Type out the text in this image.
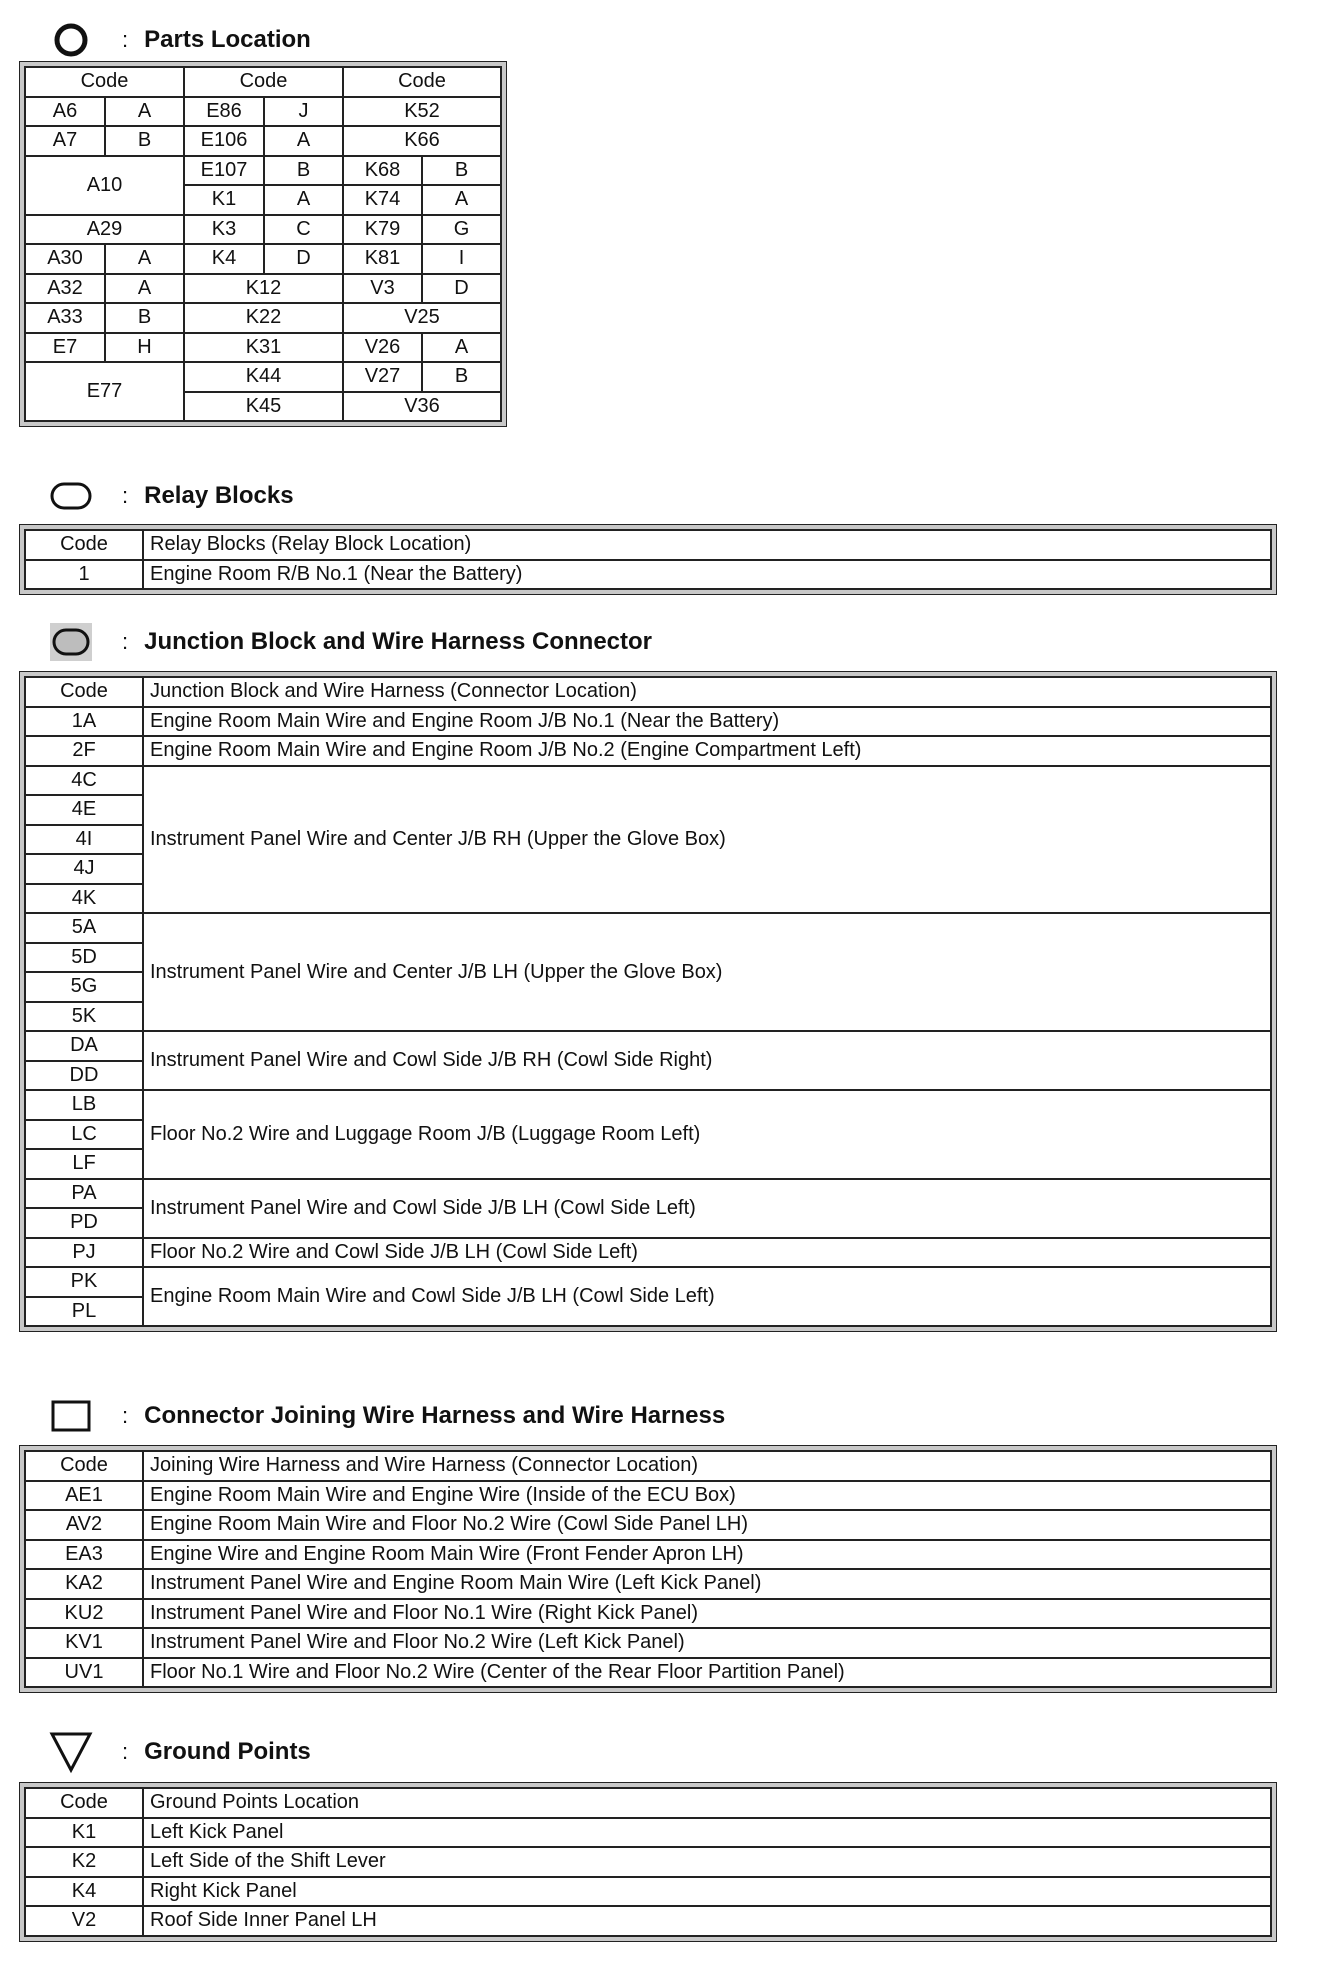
: Parts Location
Code		Code		Code	
A6	A	E86	J	K52	
A7	B	E106	A	K66	
A10		E107	B	K68	B
		K1	A	K74	A
A29		K3	C	K79	G
A30	A	K4	D	K81	I
A32	A	K12		V3	D
A33	B	K22		V25	
E7	H	K31		V26	A
E77		K44		V27	B
		K45		V36	
: Relay Blocks
Code	Relay Blocks (Relay Block Location)
1	Engine Room R/B No.1 (Near the Battery)
: Junction Block and Wire Harness Connector
Code	Junction Block and Wire Harness (Connector Location)
1A	Engine Room Main Wire and Engine Room J/B No.1 (Near the Battery)
2F	Engine Room Main Wire and Engine Room J/B No.2 (Engine Compartment Left)
4C	Instrument Panel Wire and Center J/B RH (Upper the Glove Box)
4E	
4I	
4J	
4K	
5A	Instrument Panel Wire and Center J/B LH (Upper the Glove Box)
5D	
5G	
5K	
DA	Instrument Panel Wire and Cowl Side J/B RH (Cowl Side Right)
DD	
LB	Floor No.2 Wire and Luggage Room J/B (Luggage Room Left)
LC	
LF	
PA	Instrument Panel Wire and Cowl Side J/B LH (Cowl Side Left)
PD	
PJ	Floor No.2 Wire and Cowl Side J/B LH (Cowl Side Left)
PK	Engine Room Main Wire and Cowl Side J/B LH (Cowl Side Left)
PL	
: Connector Joining Wire Harness and Wire Harness
Code	Joining Wire Harness and Wire Harness (Connector Location)
AE1	Engine Room Main Wire and Engine Wire (Inside of the ECU Box)
AV2	Engine Room Main Wire and Floor No.2 Wire (Cowl Side Panel LH)
EA3	Engine Wire and Engine Room Main Wire (Front Fender Apron LH)
KA2	Instrument Panel Wire and Engine Room Main Wire (Left Kick Panel)
KU2	Instrument Panel Wire and Floor No.1 Wire (Right Kick Panel)
KV1	Instrument Panel Wire and Floor No.2 Wire (Left Kick Panel)
UV1	Floor No.1 Wire and Floor No.2 Wire (Center of the Rear Floor Partition Panel)
: Ground Points
Code	Ground Points Location
K1	Left Kick Panel
K2	Left Side of the Shift Lever
K4	Right Kick Panel
V2	Roof Side Inner Panel LH
